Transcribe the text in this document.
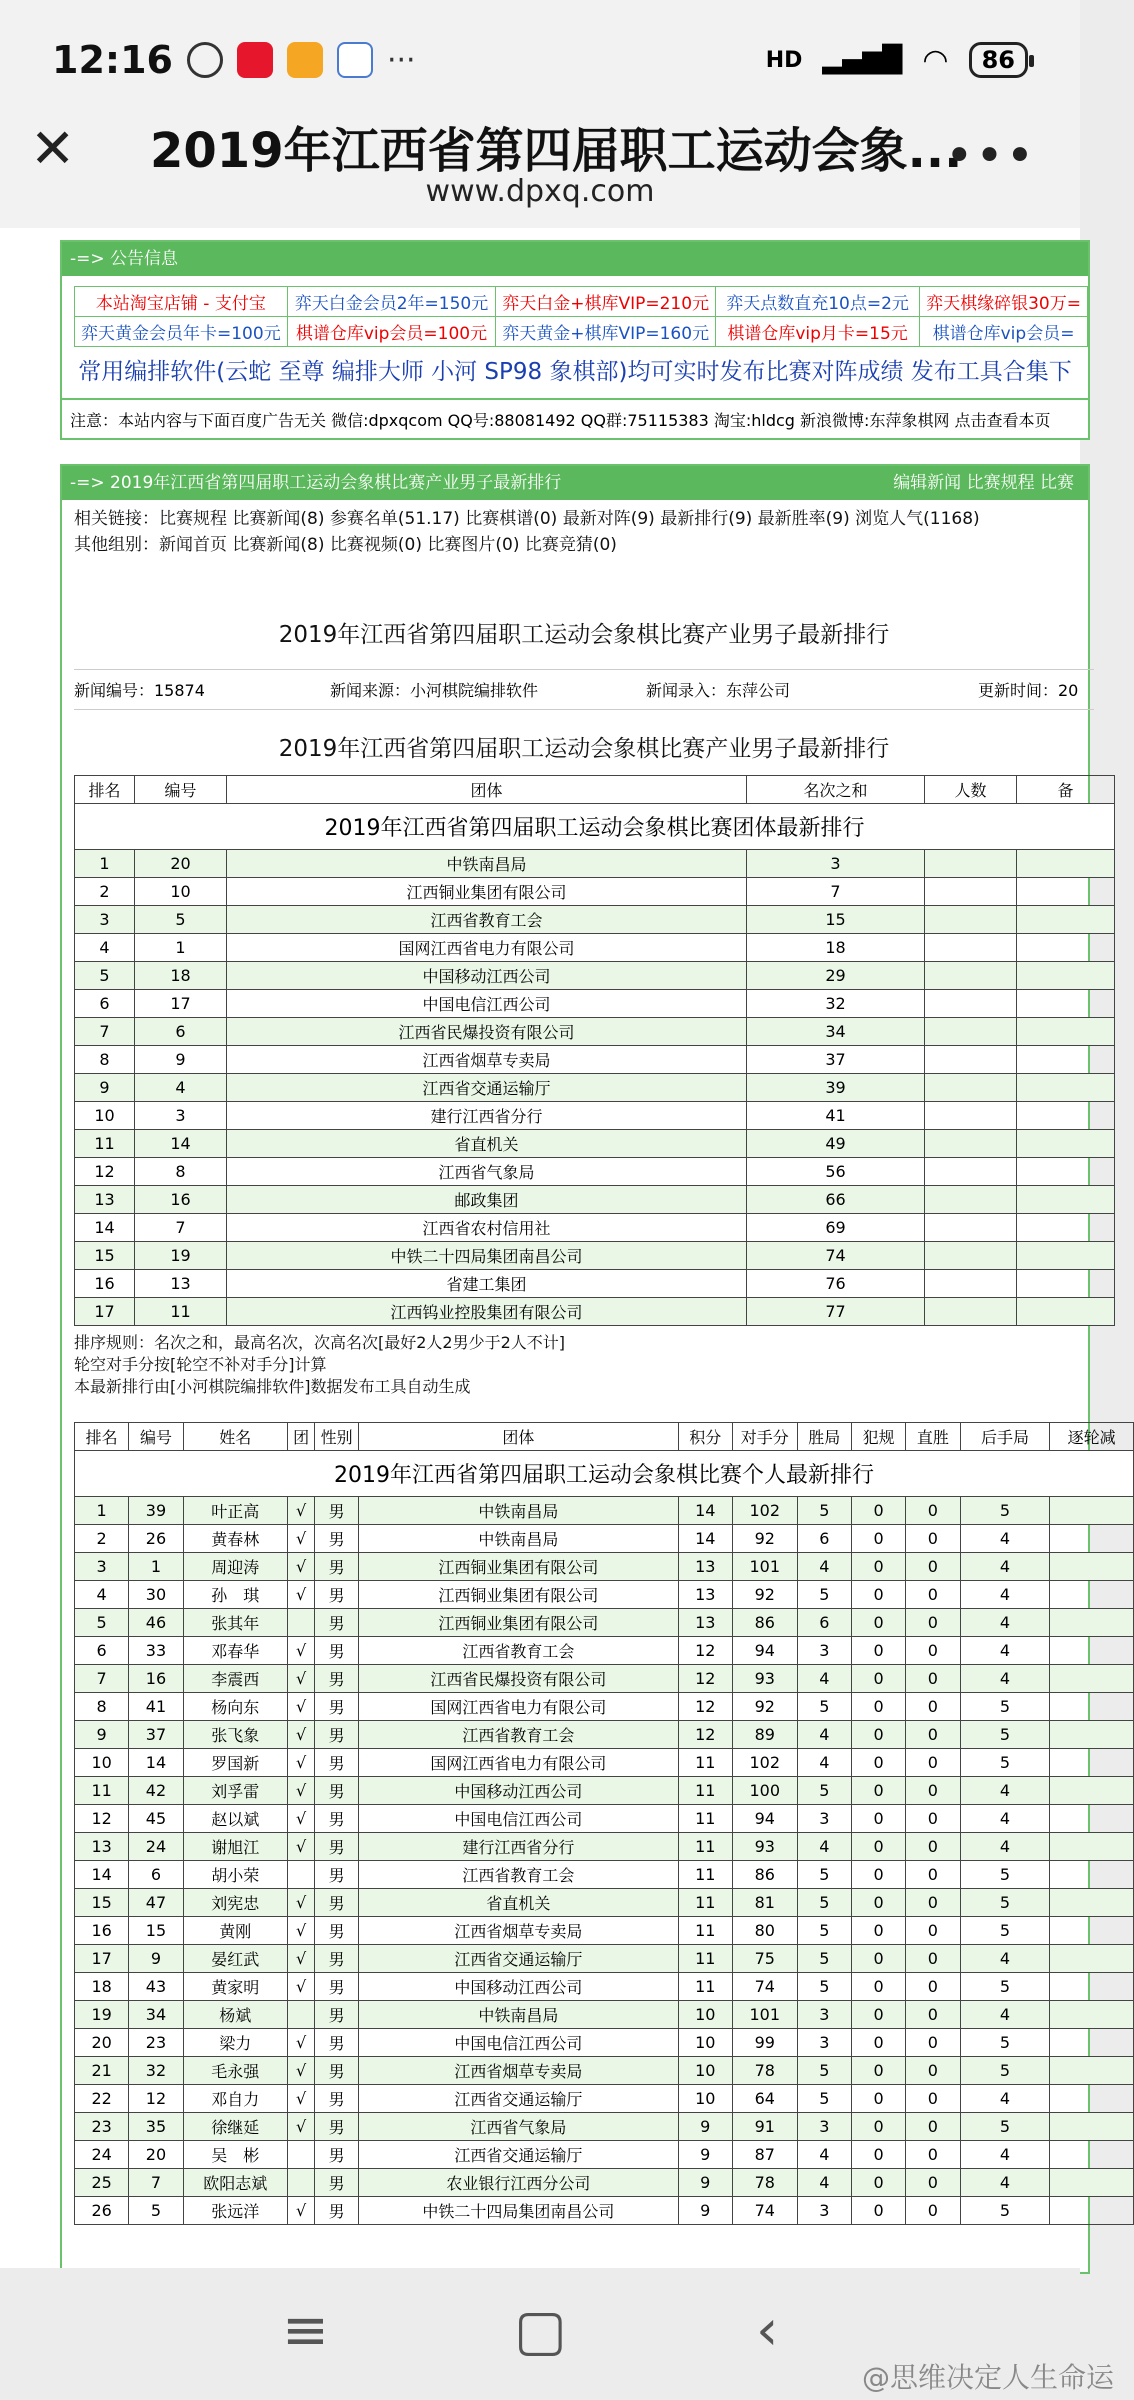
12:16	···	HD ▂▄▆█ ◠	86
✕ 2019年江西省第四届职工运动会象...
www.dpxq.com
•••
-=> 公告信息
本站淘宝店铺 - 支付宝	弈天白金会员2年=150元	弈天白金+棋库VIP=210元	弈天点数直充10点=2元	弈天棋缘碎银30万=
弈天黄金会员年卡=100元	棋谱仓库vip会员=100元	弈天黄金+棋库VIP=160元	棋谱仓库vip月卡=15元	棋谱仓库vip会员=
常用编排软件(云蛇 至尊 编排大师 小河 SP98 象棋部)均可实时发布比赛对阵成绩 发布工具合集下
注意：本站内容与下面百度广告无关 微信:dpxqcom QQ号:88081492 QQ群:75115383 淘宝:hldcg 新浪微博:东萍象棋网 点击查看本页
-=> 2019年江西省第四届职工运动会象棋比赛产业男子最新排行	编辑新闻 比赛规程 比赛
相关链接：比赛规程 比赛新闻(8) 参赛名单(51.17) 比赛棋谱(0) 最新对阵(9) 最新排行(9) 最新胜率(9) 浏览人气(1168)
其他组别：新闻首页 比赛新闻(8) 比赛视频(0) 比赛图片(0) 比赛竞猜(0)
2019年江西省第四届职工运动会象棋比赛产业男子最新排行
新闻编号：15874	新闻来源：小河棋院编排软件	新闻录入：东萍公司	更新时间：20
2019年江西省第四届职工运动会象棋比赛产业男子最新排行
排名	编号	团体	名次之和	人数	备
2019年江西省第四届职工运动会象棋比赛团体最新排行					
1	20	中铁南昌局	3		
2	10	江西铜业集团有限公司	7		
3	5	江西省教育工会	15		
4	1	国网江西省电力有限公司	18		
5	18	中国移动江西公司	29		
6	17	中国电信江西公司	32		
7	6	江西省民爆投资有限公司	34		
8	9	江西省烟草专卖局	37		
9	4	江西省交通运输厅	39		
10	3	建行江西省分行	41		
11	14	省直机关	49		
12	8	江西省气象局	56		
13	16	邮政集团	66		
14	7	江西省农村信用社	69		
15	19	中铁二十四局集团南昌公司	74		
16	13	省建工集团	76		
17	11	江西钨业控股集团有限公司	77		
排序规则：名次之和，最高名次，次高名次[最好2人2男少于2人不计]
轮空对手分按[轮空不补对手分]计算
本最新排行由[小河棋院编排软件]数据发布工具自动生成
排名	编号	姓名	团	性别	团体	积分	对手分	胜局	犯规	直胜	后手局	逐轮减
2019年江西省第四届职工运动会象棋比赛个人最新排行												
1	39	叶正高	√	男	中铁南昌局	14	102	5	0	0	5	
2	26	黄春林	√	男	中铁南昌局	14	92	6	0	0	4	
3	1	周迎涛	√	男	江西铜业集团有限公司	13	101	4	0	0	4	
4	30	孙　琪	√	男	江西铜业集团有限公司	13	92	5	0	0	4	
5	46	张其年		男	江西铜业集团有限公司	13	86	6	0	0	4	
6	33	邓春华	√	男	江西省教育工会	12	94	3	0	0	4	
7	16	李震西	√	男	江西省民爆投资有限公司	12	93	4	0	0	4	
8	41	杨向东	√	男	国网江西省电力有限公司	12	92	5	0	0	5	
9	37	张飞象	√	男	江西省教育工会	12	89	4	0	0	5	
10	14	罗国新	√	男	国网江西省电力有限公司	11	102	4	0	0	5	
11	42	刘孚雷	√	男	中国移动江西公司	11	100	5	0	0	4	
12	45	赵以斌	√	男	中国电信江西公司	11	94	3	0	0	4	
13	24	谢旭江	√	男	建行江西省分行	11	93	4	0	0	4	
14	6	胡小荣		男	江西省教育工会	11	86	5	0	0	5	
15	47	刘宪忠	√	男	省直机关	11	81	5	0	0	5	
16	15	黄刚	√	男	江西省烟草专卖局	11	80	5	0	0	5	
17	9	晏红武	√	男	江西省交通运输厅	11	75	5	0	0	4	
18	43	黄家明	√	男	中国移动江西公司	11	74	5	0	0	5	
19	34	杨斌		男	中铁南昌局	10	101	3	0	0	4	
20	23	梁力	√	男	中国电信江西公司	10	99	3	0	0	5	
21	32	毛永强	√	男	江西省烟草专卖局	10	78	5	0	0	5	
22	12	邓自力	√	男	江西省交通运输厅	10	64	5	0	0	4	
23	35	徐继延	√	男	江西省气象局	9	91	3	0	0	5	
24	20	吴　彬		男	江西省交通运输厅	9	87	4	0	0	4	
25	7	欧阳志斌		男	农业银行江西分公司	9	78	4	0	0	4	
26	5	张远洋	√	男	中铁二十四局集团南昌公司	9	74	3	0	0	5	
≡	▢	‹
@思维决定人生命运
